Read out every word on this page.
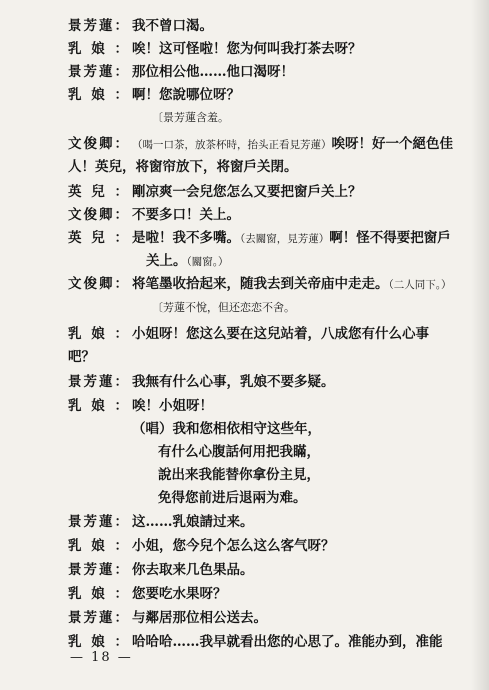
景 芳 蓮 ： 我不曾口渴。
乳 娘 ： 唉！这可怪啦！您为何叫我打茶去呀？
景 芳 蓮 ： 那位相公他……他口渴呀！
乳 娘 ： 啊！您說哪位呀？
〔景芳蓮含羞。
文 俊 卿 ： （喝一口茶，放茶杯時，抬头正看見芳蓮）唉呀！好一个絕色佳
人！英兒，将窗帘放下，将窗戶关閉。
英 兒 ： 剛凉爽一会兒您怎么又要把窗戶关上？
文 俊 卿 ： 不要多口！关上。
英 兒 ： 是啦！我不多嘴。（去關窗，見芳蓮）啊！怪不得要把窗戶
关上。（關窗。）
文 俊 卿 ： 将笔墨收拾起来，随我去到关帝庙中走走。（二人同下。）
〔芳蓮不悅，但还恋恋不舍。
乳 娘 ： 小姐呀！您这么要在这兒站着，八成您有什么心事
吧？
景 芳 蓮 ： 我無有什么心事，乳娘不要多疑。
乳 娘 ： 唉！小姐呀！
（唱）我和您相依相守这些年，
有什么心腹話何用把我瞞，
說出来我能替你拿份主見，
免得您前进后退兩为难。
景 芳 蓮 ： 这……乳娘請过来。
乳 娘 ： 小姐，您今兒个怎么这么客气呀？
景 芳 蓮 ： 你去取来几色果品。
乳 娘 ： 您要吃水果呀？
景 芳 蓮 ： 与鄰居那位相公送去。
乳 娘 ： 哈哈哈……我早就看出您的心思了。准能办到，准能
— 18 —
